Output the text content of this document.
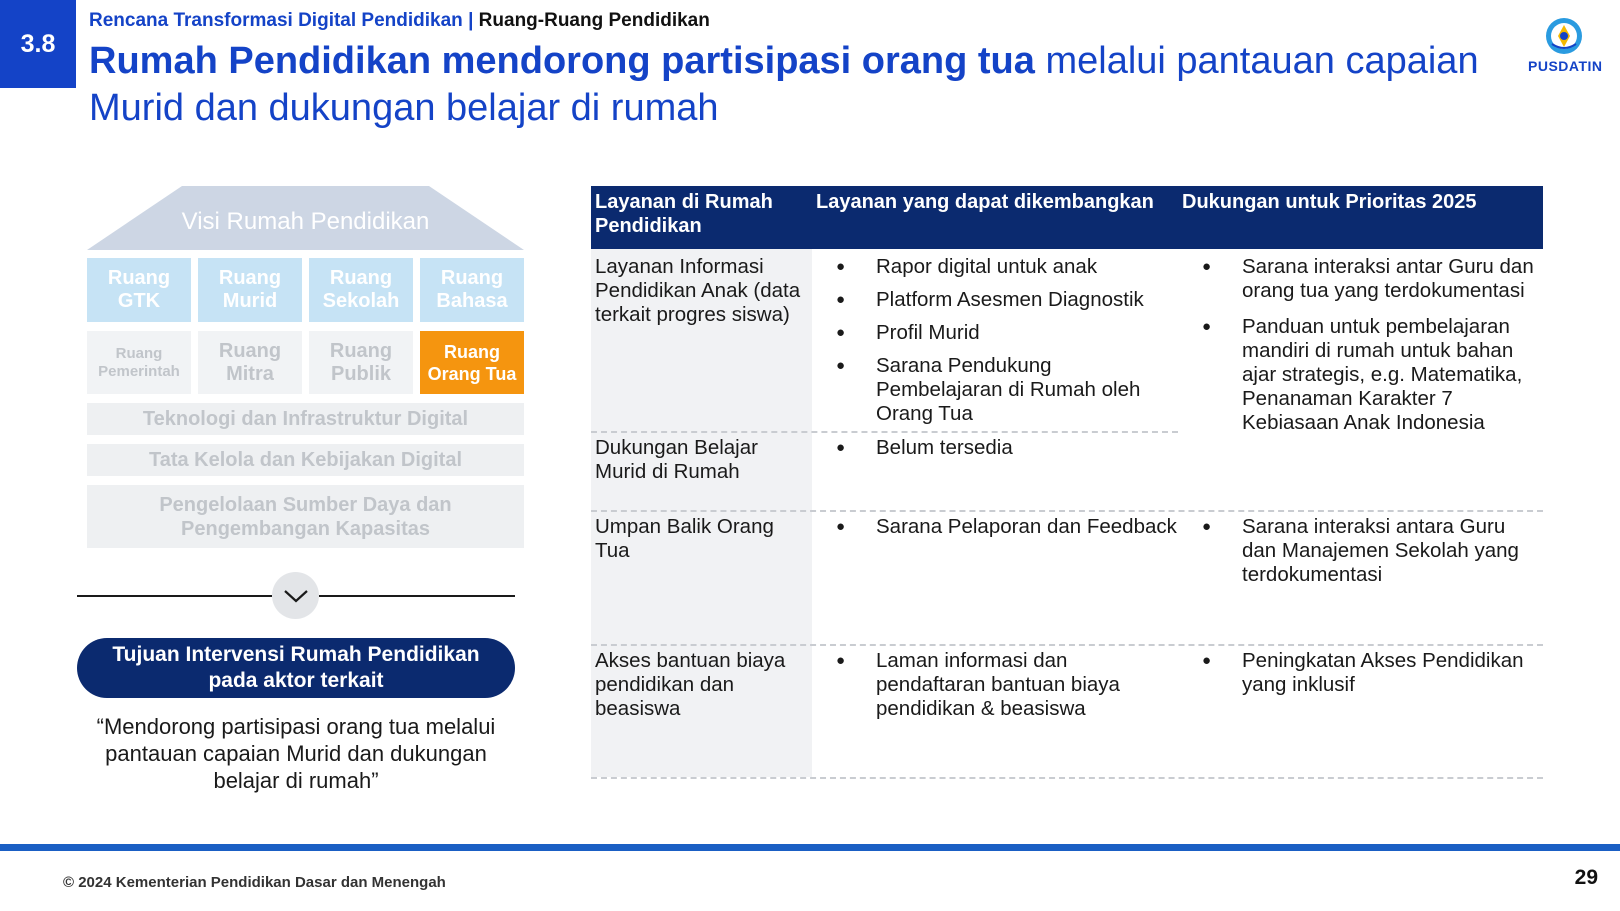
3.8
Rencana Transformasi Digital Pendidikan | Ruang-Ruang Pendidikan
Rumah Pendidikan mendorong partisipasi orang tua melalui pantauan capaian Murid dan dukungan belajar di rumah
PUSDATIN
Visi Rumah Pendidikan
Ruang GTK
Ruang Murid
Ruang Sekolah
Ruang Bahasa
Ruang Pemerintah
Ruang Mitra
Ruang Publik
Ruang Orang Tua
Teknologi dan Infrastruktur Digital
Tata Kelola dan Kebijakan Digital
Pengelolaan Sumber Daya dan Pengembangan Kapasitas
Tujuan Intervensi Rumah Pendidikan pada aktor terkait
“Mendorong partisipasi orang tua melalui pantauan capaian Murid dan dukungan belajar di rumah”
Layanan di Rumah Pendidikan
Layanan yang dapat dikembangkan	Dukungan untuk Prioritas 2025
Layanan Informasi Pendidikan Anak (data terkait progres siswa)
● Rapor digital untuk anak
● Platform Asesmen Diagnostik
● Profil Murid
● Sarana Pendukung Pembelajaran di Rumah oleh Orang Tua
● Sarana interaksi antar Guru dan orang tua yang terdokumentasi
● Panduan untuk pembelajaran mandiri di rumah untuk bahan ajar strategis, e.g. Matematika, Penanaman Karakter 7 Kebiasaan Anak Indonesia
Dukungan Belajar Murid di Rumah
● Belum tersedia
Umpan Balik Orang Tua
● Sarana Pelaporan dan Feedback
●	Sarana interaksi antara Guru dan Manajemen Sekolah yang terdokumentasi
Akses bantuan biaya pendidikan dan beasiswa
● Laman informasi dan pendaftaran bantuan biaya pendidikan & beasiswa
● Peningkatan Akses Pendidikan yang inklusif
© 2024 Kementerian Pendidikan Dasar dan Menengah	29
